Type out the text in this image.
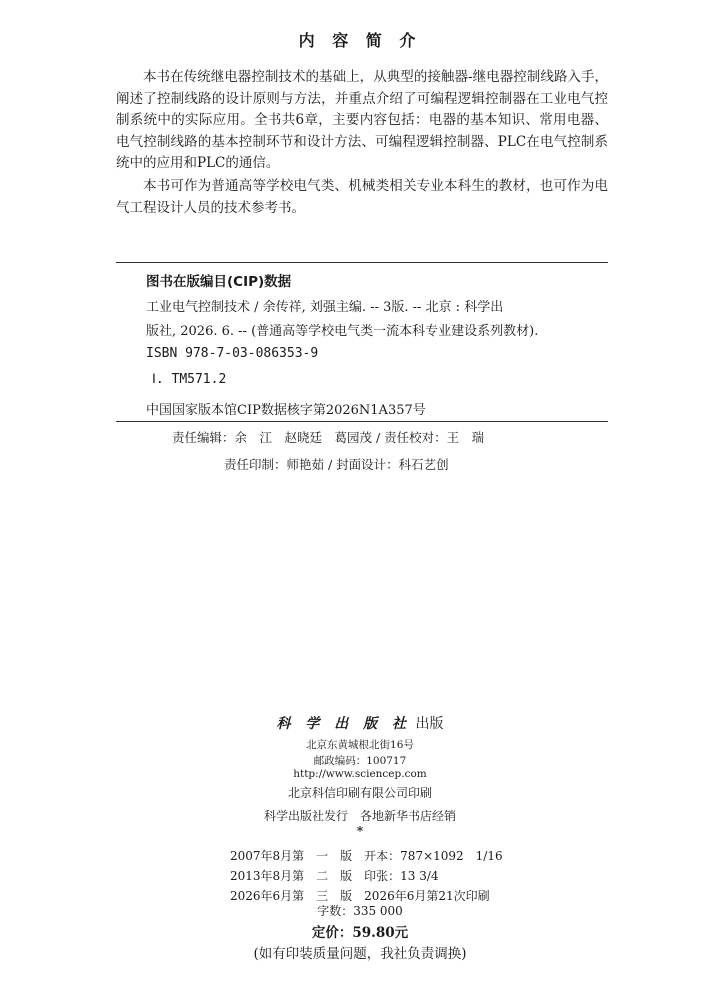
内 容 简 介

本书在传统继电器控制技术的基础上，从典型的接触器-继电器控制线路入手，阐述了控制线路的设计原则与方法，并重点介绍了可编程逻辑控制器在工业电气控制系统中的实际应用。全书共6章，主要内容包括：电器的基本知识、常用电器、电气控制线路的基本控制环节和设计方法、可编程逻辑控制器、PLC在电气控制系统中的应用和PLC的通信。

本书可作为普通高等学校电气类、机械类相关专业本科生的教材，也可作为电气工程设计人员的技术参考书。

图书在版编目(CIP)数据
工业电气控制技术 / 余传祥, 刘强主编. -- 3版. -- 北京 : 科学出
版社, 2026. 6. -- (普通高等学校电气类一流本科专业建设系列教材).
ISBN 978-7-03-086353-9
Ⅰ. TM571.2
中国国家版本馆CIP数据核字第2026N1A357号
责任编辑：余　江　赵晓廷　葛园茂 / 责任校对：王　瑞
责任印制：师艳茹 / 封面设计：科石艺创
科 学 出 版 社 出版
北京东黄城根北街16号
邮政编码：100717
http://www.sciencep.com
北京科信印刷有限公司印刷
科学出版社发行　各地新华书店经销
*
2007年8月第　一　版　开本：787×1092　1/16
2013年8月第　二　版　印张：13 3/4
2026年6月第　三　版　2026年6月第21次印刷
字数：335 000
定价：59.80元
(如有印装质量问题，我社负责调换)
